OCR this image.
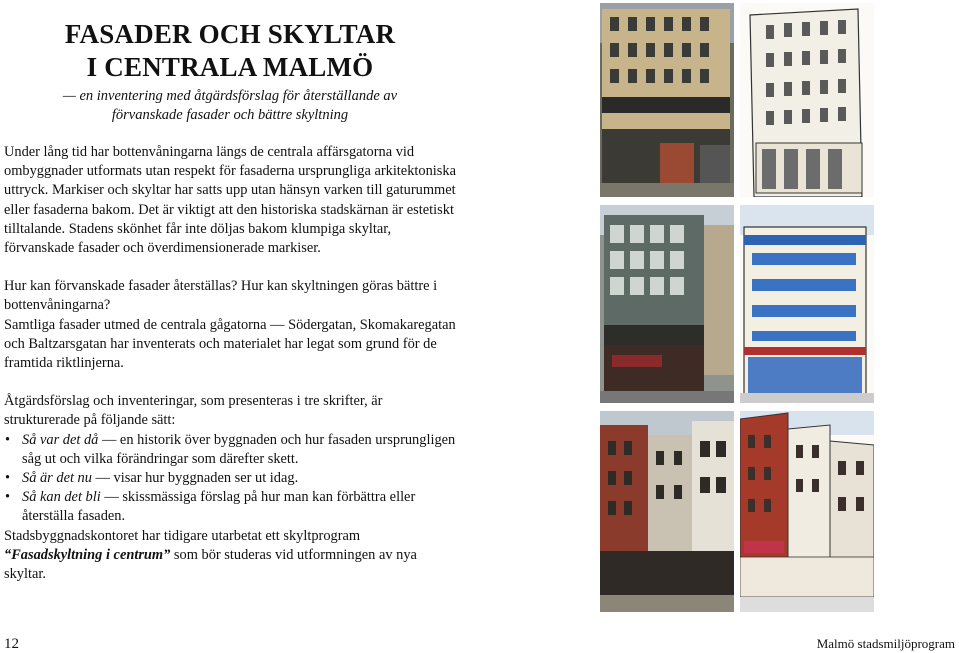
FASADER OCH SKYLTAR
I CENTRALA MALMÖ
— en inventering med åtgärdsförslag för återställande av
förvanskade fasader och bättre skyltning

Under lång tid har bottenvåningarna längs de centrala affärsgatorna vid ombyggnader utformats utan respekt för fasaderna ursprungliga arkitektoniska uttryck. Markiser och skyltar har satts upp utan hänsyn varken till gaturummet eller fasaderna bakom. Det är viktigt att den historiska stadskärnan är estetiskt tilltalande. Stadens skönhet får inte döljas bakom klumpiga skyltar, förvanskade fasader och överdimensionerade markiser.

Hur kan förvanskade fasader återställas? Hur kan skyltningen göras bättre i bottenvåningarna?

Samtliga fasader utmed de centrala gågatorna — Södergatan, Skomakaregatan och Baltzarsgatan har inventerats och materialet har legat som grund för de framtida riktlinjerna.

Åtgärdsförslag och inventeringar, som presenteras i tre skrifter, är strukturerade på följande sätt:

• Så var det då — en historik över byggnaden och hur fasaden ursprungligen såg ut och vilka förändringar som därefter skett.
• Så är det nu — visar hur byggnaden ser ut idag.
• Så kan det bli — skissmässiga förslag på hur man kan förbättra eller återställa fasaden.

Stadsbyggnadskontoret har tidigare utarbetat ett skyltprogram “Fasadskyltning i centrum” som bör studeras vid utformningen av nya skyltar.

12	Malmö stadsmiljöprogram
